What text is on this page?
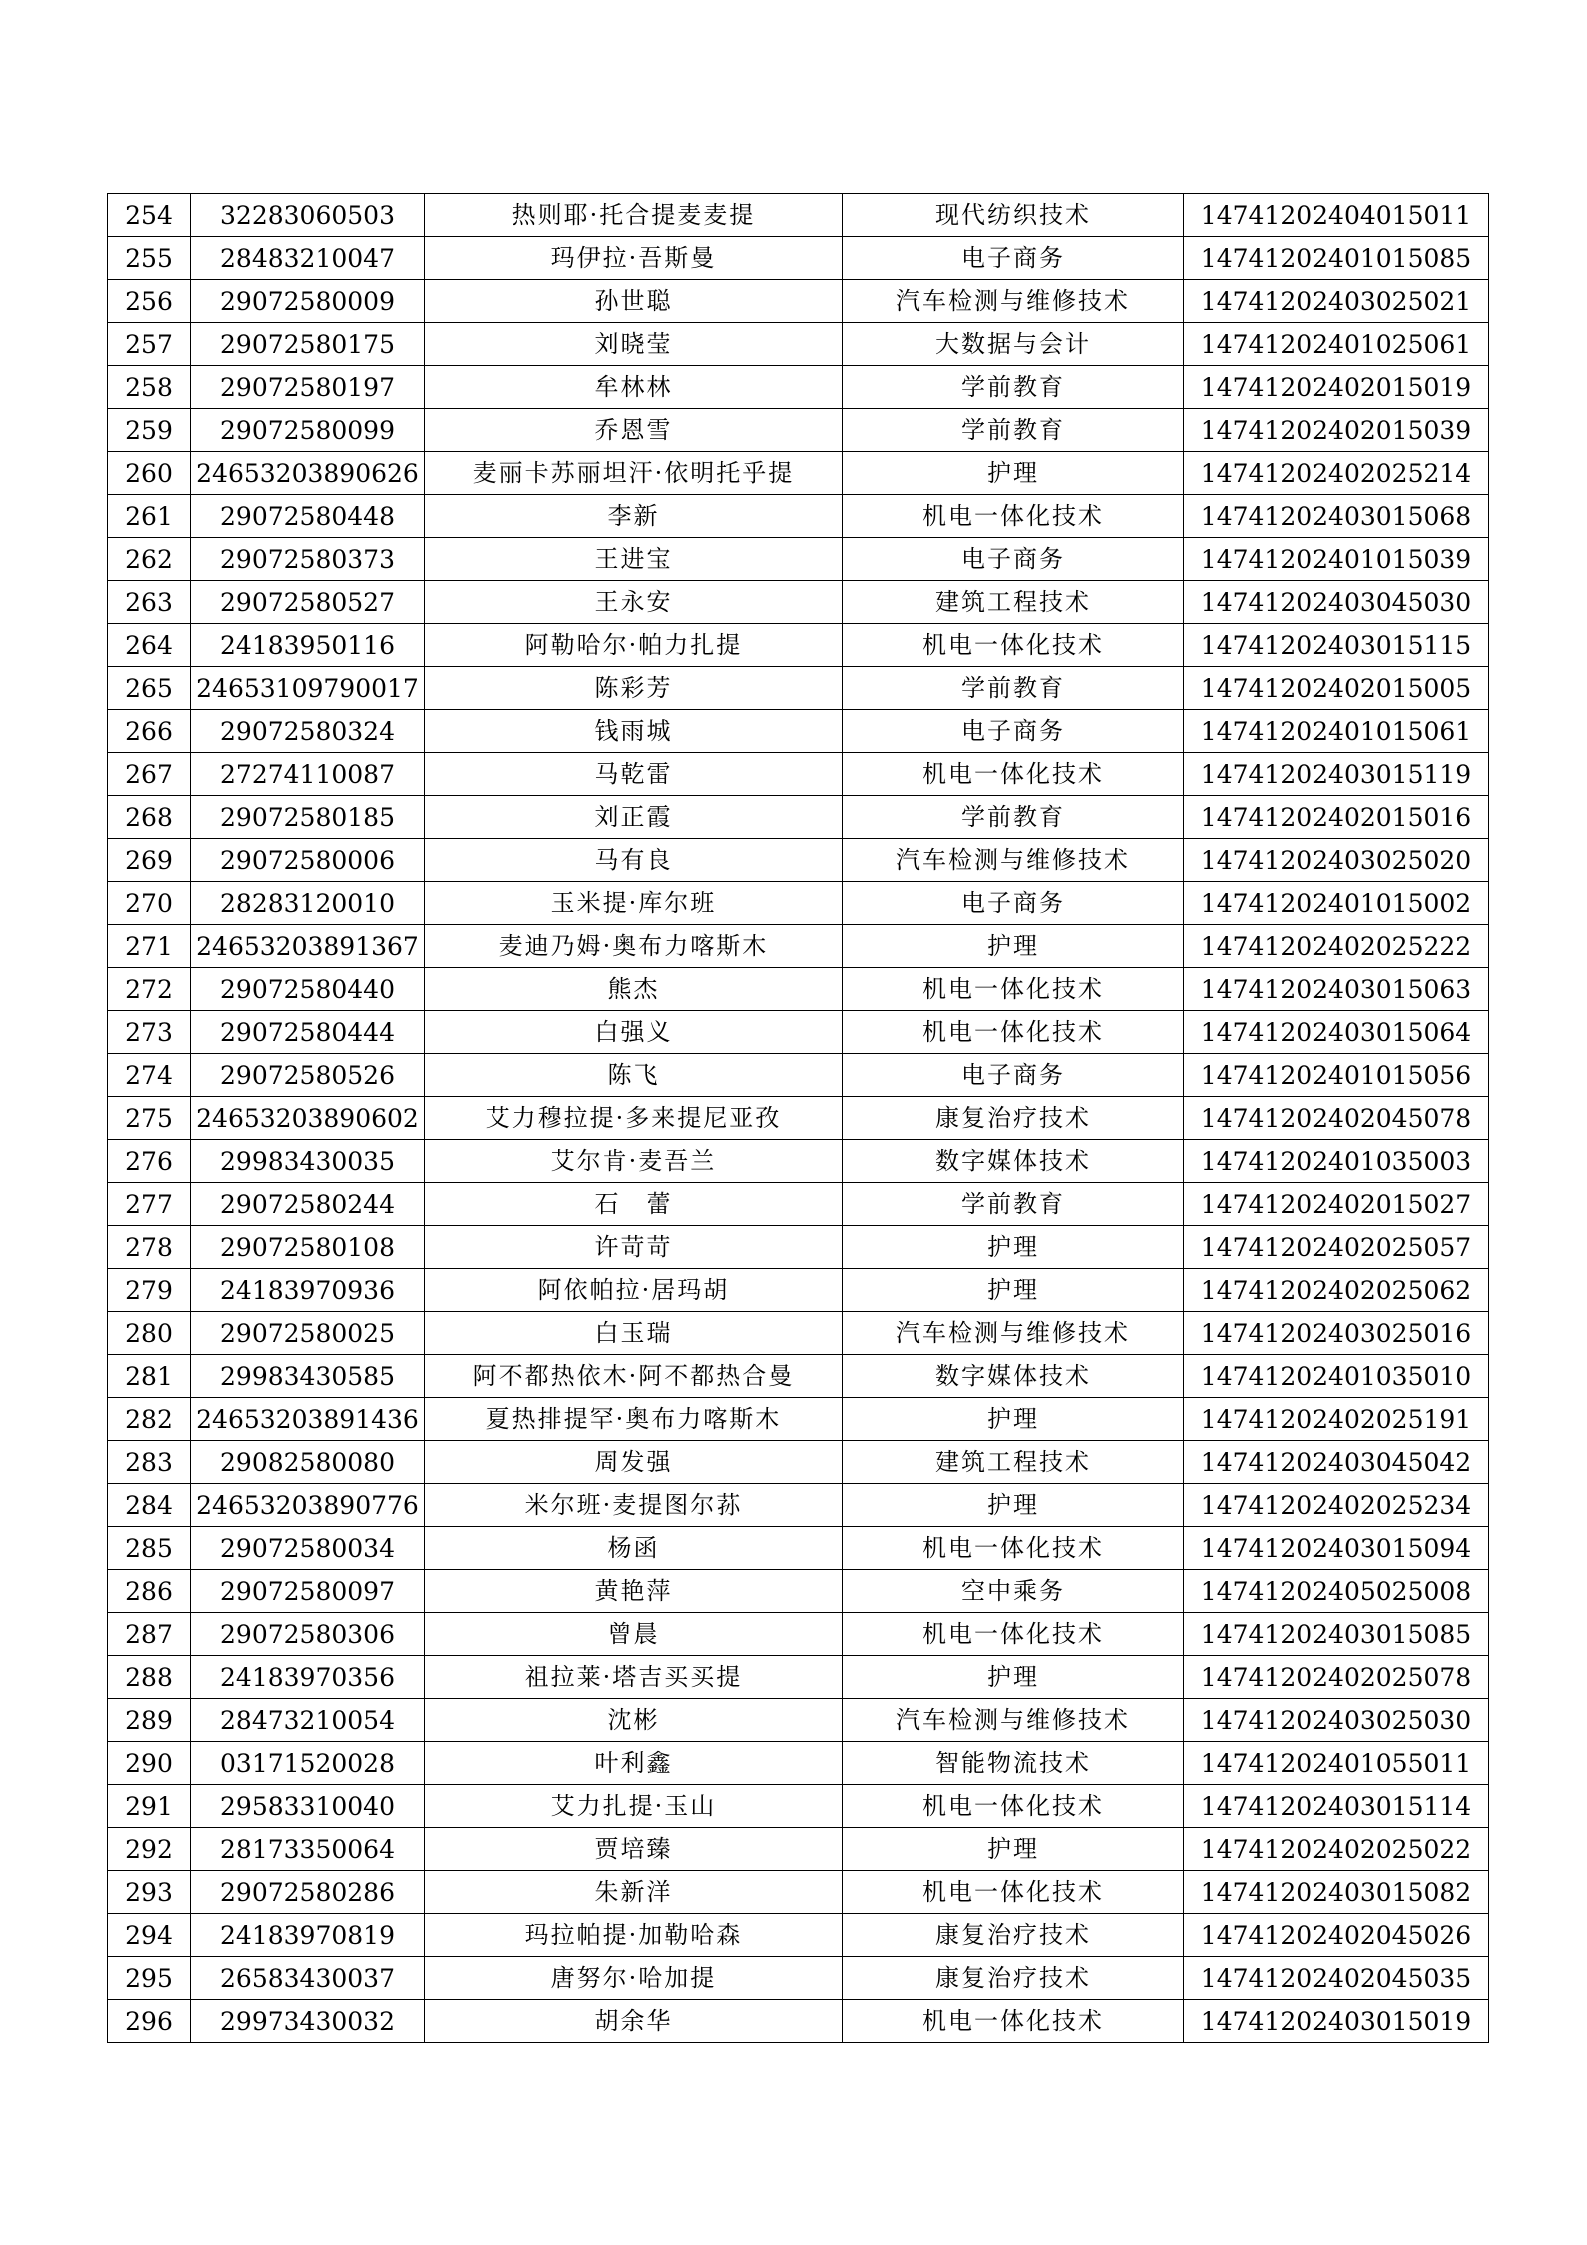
254	32283060503	热则耶·托合提麦麦提	现代纺织技术	14741202404015011
255	28483210047	玛伊拉·吾斯曼	电子商务	14741202401015085
256	29072580009	孙世聪	汽车检测与维修技术	14741202403025021
257	29072580175	刘晓莹	大数据与会计	14741202401025061
258	29072580197	牟林林	学前教育	14741202402015019
259	29072580099	乔恩雪	学前教育	14741202402015039
260	24653203890626	麦丽卡苏丽坦汗·依明托乎提	护理	14741202402025214
261	29072580448	李新	机电一体化技术	14741202403015068
262	29072580373	王进宝	电子商务	14741202401015039
263	29072580527	王永安	建筑工程技术	14741202403045030
264	24183950116	阿勒哈尔·帕力扎提	机电一体化技术	14741202403015115
265	24653109790017	陈彩芳	学前教育	14741202402015005
266	29072580324	钱雨城	电子商务	14741202401015061
267	27274110087	马乾雷	机电一体化技术	14741202403015119
268	29072580185	刘正霞	学前教育	14741202402015016
269	29072580006	马有良	汽车检测与维修技术	14741202403025020
270	28283120010	玉米提·库尔班	电子商务	14741202401015002
271	24653203891367	麦迪乃姆·奥布力喀斯木	护理	14741202402025222
272	29072580440	熊杰	机电一体化技术	14741202403015063
273	29072580444	白强义	机电一体化技术	14741202403015064
274	29072580526	陈飞	电子商务	14741202401015056
275	24653203890602	艾力穆拉提·多来提尼亚孜	康复治疗技术	14741202402045078
276	29983430035	艾尔肯·麦吾兰	数字媒体技术	14741202401035003
277	29072580244	石　蕾	学前教育	14741202402015027
278	29072580108	许苛苛	护理	14741202402025057
279	24183970936	阿依帕拉·居玛胡	护理	14741202402025062
280	29072580025	白玉瑞	汽车检测与维修技术	14741202403025016
281	29983430585	阿不都热依木·阿不都热合曼	数字媒体技术	14741202401035010
282	24653203891436	夏热排提罕·奥布力喀斯木	护理	14741202402025191
283	29082580080	周发强	建筑工程技术	14741202403045042
284	24653203890776	米尔班·麦提图尔荪	护理	14741202402025234
285	29072580034	杨函	机电一体化技术	14741202403015094
286	29072580097	黄艳萍	空中乘务	14741202405025008
287	29072580306	曾晨	机电一体化技术	14741202403015085
288	24183970356	祖拉莱·塔吉买买提	护理	14741202402025078
289	28473210054	沈彬	汽车检测与维修技术	14741202403025030
290	03171520028	叶利鑫	智能物流技术	14741202401055011
291	29583310040	艾力扎提·玉山	机电一体化技术	14741202403015114
292	28173350064	贾培臻	护理	14741202402025022
293	29072580286	朱新洋	机电一体化技术	14741202403015082
294	24183970819	玛拉帕提·加勒哈森	康复治疗技术	14741202402045026
295	26583430037	唐努尔·哈加提	康复治疗技术	14741202402045035
296	29973430032	胡余华	机电一体化技术	14741202403015019
